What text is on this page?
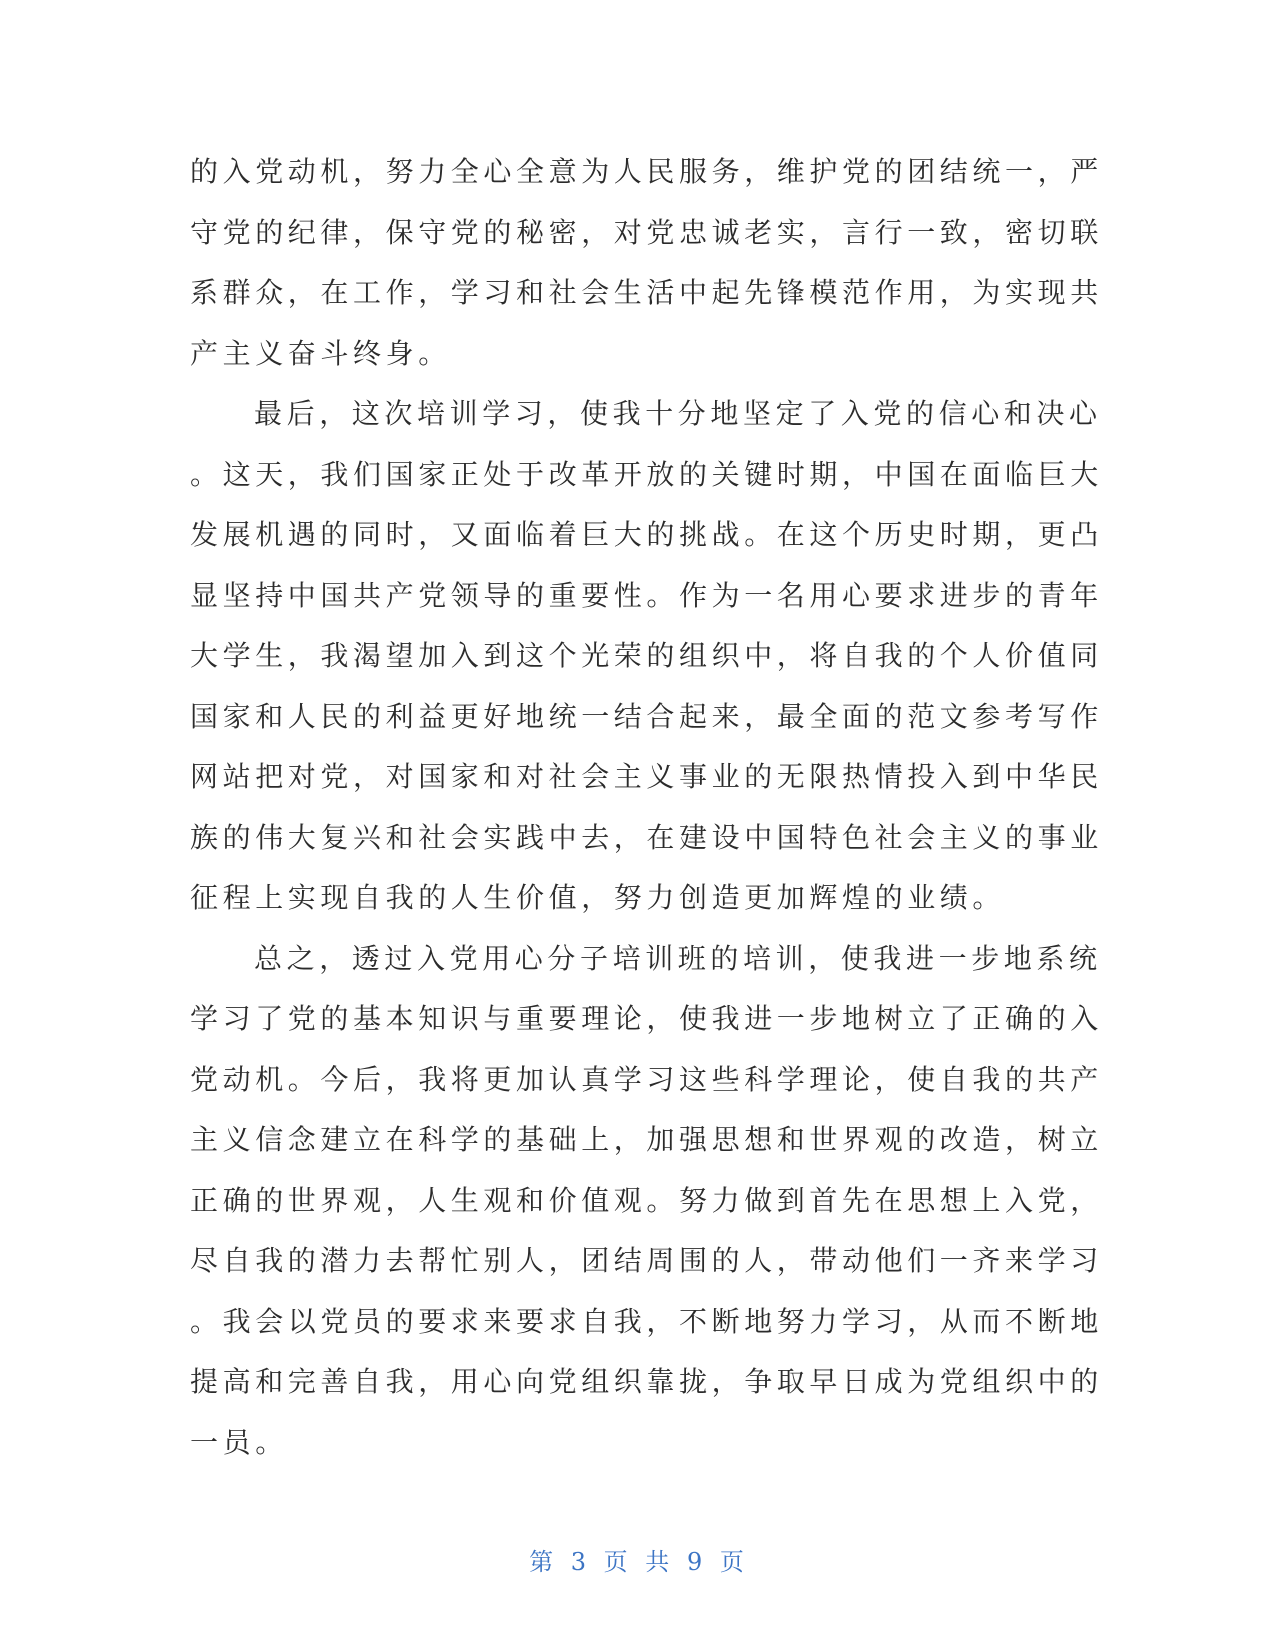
的入党动机，努力全心全意为人民服务，维护党的团结统一，严
守党的纪律，保守党的秘密，对党忠诚老实，言行一致，密切联
系群众，在工作，学习和社会生活中起先锋模范作用，为实现共
产主义奋斗终身。
最后，这次培训学习，使我十分地坚定了入党的信心和决心
。这天，我们国家正处于改革开放的关键时期，中国在面临巨大
发展机遇的同时，又面临着巨大的挑战。在这个历史时期，更凸
显坚持中国共产党领导的重要性。作为一名用心要求进步的青年
大学生，我渴望加入到这个光荣的组织中，将自我的个人价值同
国家和人民的利益更好地统一结合起来，最全面的范文参考写作
网站把对党，对国家和对社会主义事业的无限热情投入到中华民
族的伟大复兴和社会实践中去，在建设中国特色社会主义的事业
征程上实现自我的人生价值，努力创造更加辉煌的业绩。
总之，透过入党用心分子培训班的培训，使我进一步地系统
学习了党的基本知识与重要理论，使我进一步地树立了正确的入
党动机。今后，我将更加认真学习这些科学理论，使自我的共产
主义信念建立在科学的基础上，加强思想和世界观的改造，树立
正确的世界观，人生观和价值观。努力做到首先在思想上入党，
尽自我的潜力去帮忙别人，团结周围的人，带动他们一齐来学习
。我会以党员的要求来要求自我，不断地努力学习，从而不断地
提高和完善自我，用心向党组织靠拢，争取早日成为党组织中的
一员。
第 3 页 共 9 页
